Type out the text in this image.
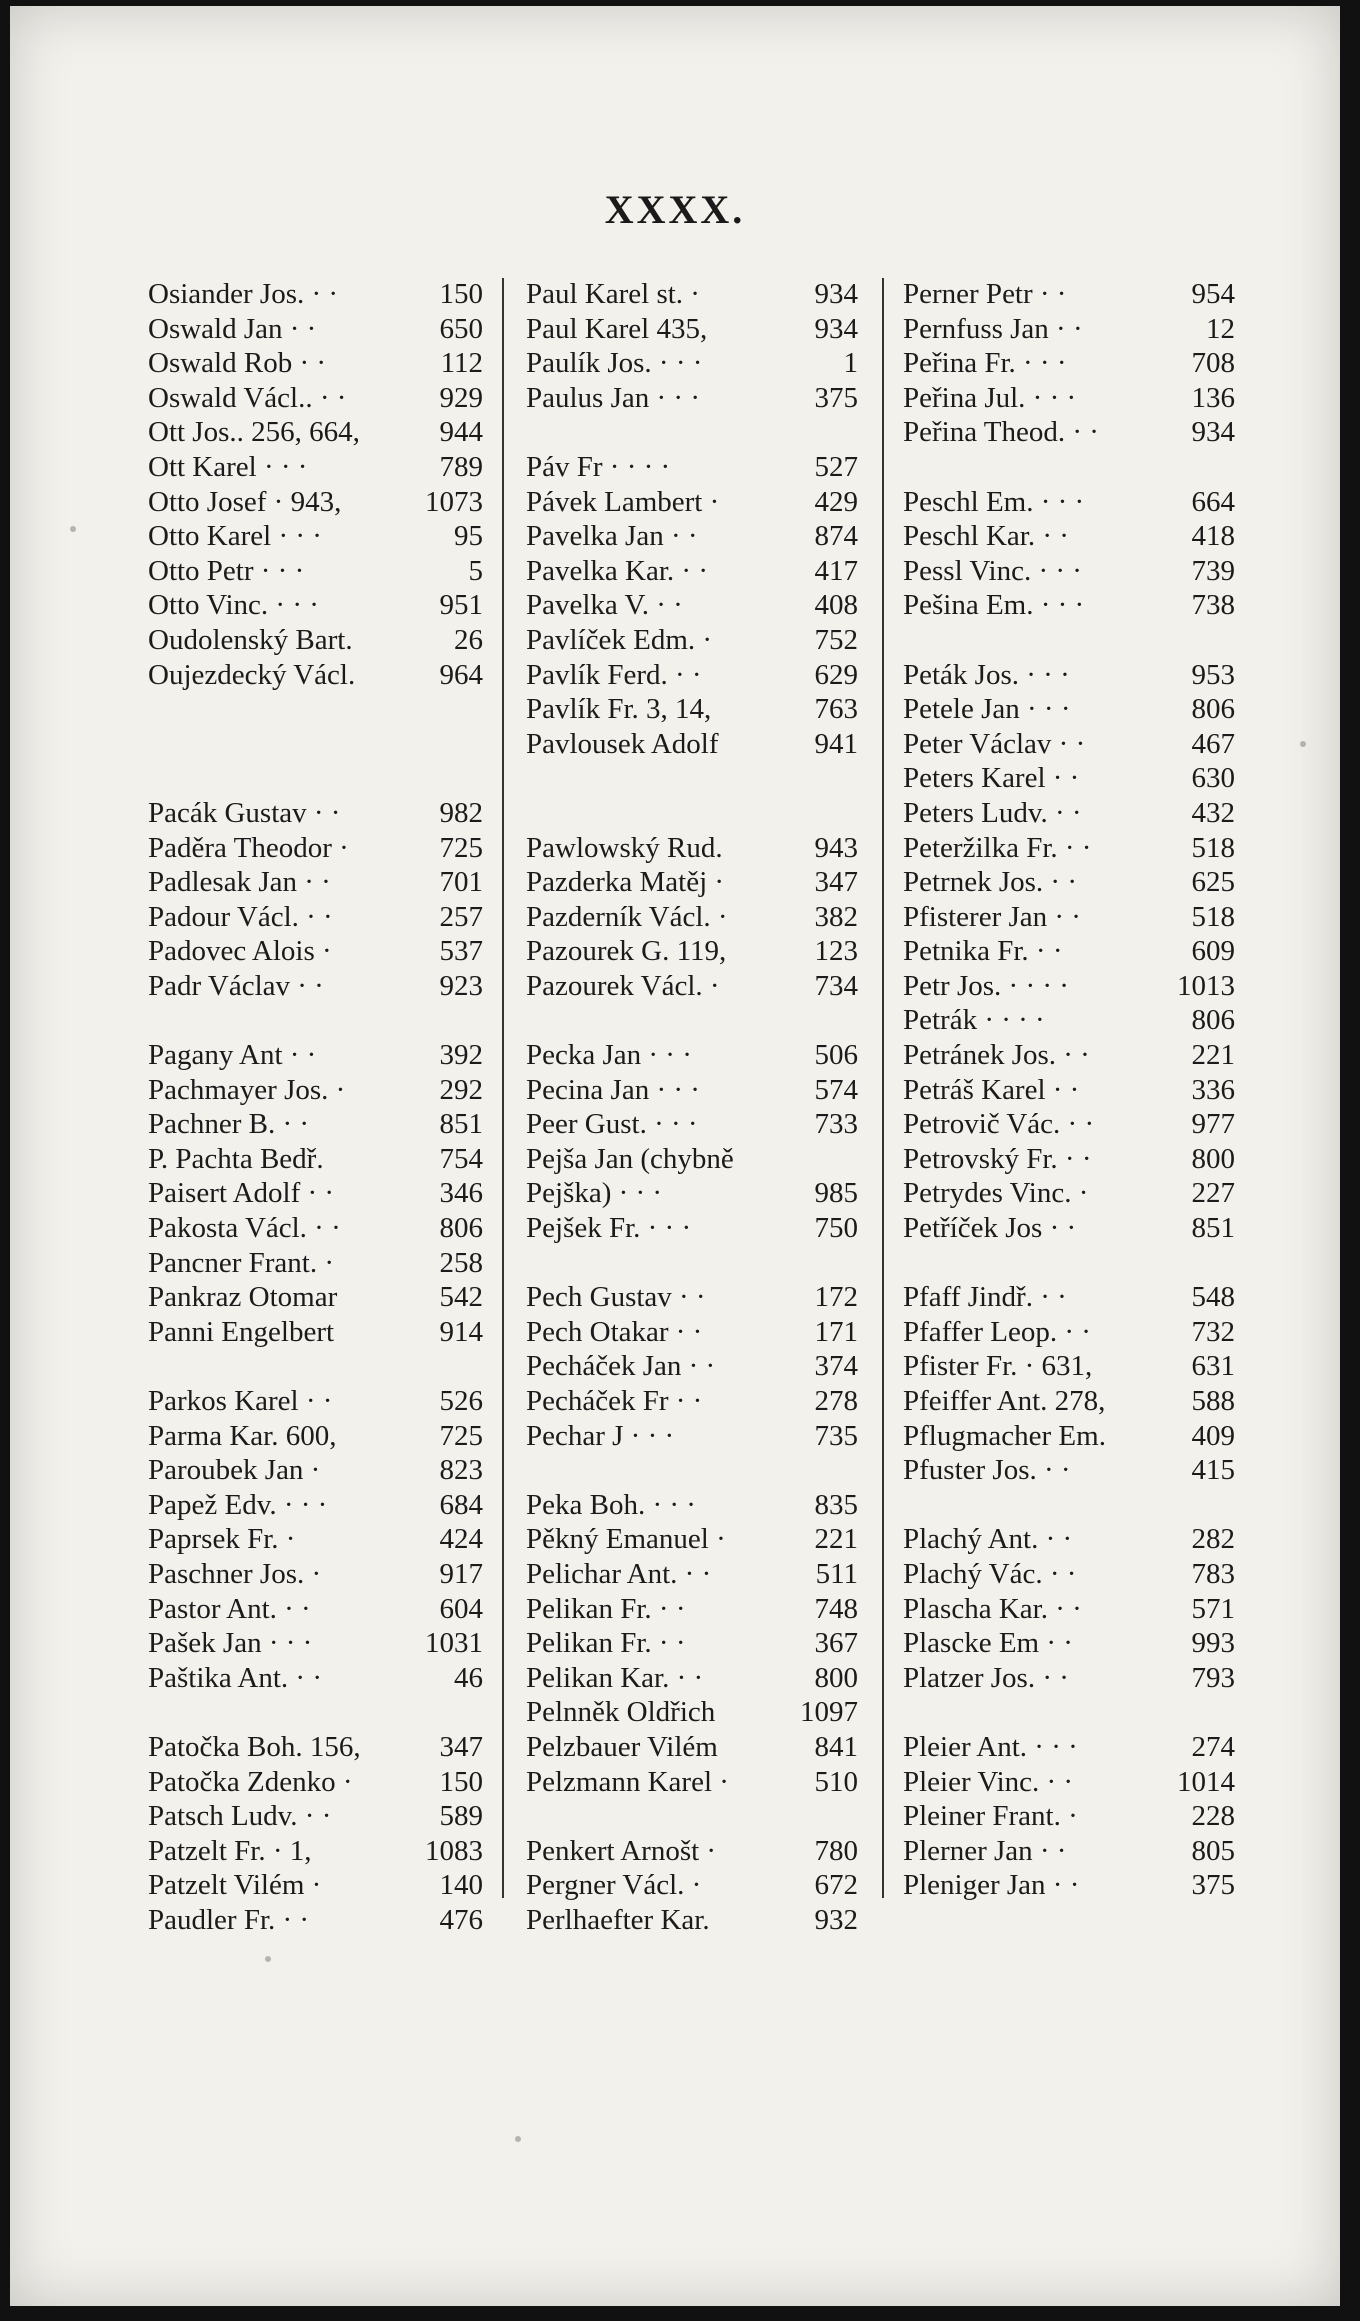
XXXX.
Osiander Jos. · ·	150
Oswald Jan · ·	650
Oswald Rob · ·	112
Oswald Václ.. · ·	929
Ott Jos.. 256, 664,	944
Ott Karel · · ·	789
Otto Josef · 943,	1073
Otto Karel · · ·	95
Otto Petr · · ·	5
Otto Vinc. · · ·	951
Oudolenský Bart.	26
Oujezdecký Václ.	964
Pacák Gustav · ·	982
Paděra Theodor ·	725
Padlesak Jan · ·	701
Padour Václ. · ·	257
Padovec Alois ·	537
Padr Václav · ·	923
Pagany Ant · ·	392
Pachmayer Jos. ·	292
Pachner B. · ·	851
P. Pachta Bedř.	754
Paisert Adolf · ·	346
Pakosta Václ. · ·	806
Pancner Frant. ·	258
Pankraz Otomar	542
Panni Engelbert	914
Parkos Karel · ·	526
Parma Kar. 600,	725
Paroubek Jan ·	823
Papež Edv. · · ·	684
Paprsek Fr. ·	424
Paschner Jos. ·	917
Pastor Ant. · ·	604
Pašek Jan · · ·	1031
Paštika Ant. · ·	46
Patočka Boh. 156,	347
Patočka Zdenko ·	150
Patsch Ludv. · ·	589
Patzelt Fr. · 1,	1083
Patzelt Vilém ·	140
Paudler Fr. · ·	476
Paul Karel st. ·	934
Paul Karel 435,	934
Paulík Jos. · · ·	1
Paulus Jan · · ·	375
Páv Fr · · · ·	527
Pávek Lambert ·	429
Pavelka Jan · ·	874
Pavelka Kar. · ·	417
Pavelka V. · ·	408
Pavlíček Edm. ·	752
Pavlík Ferd. · ·	629
Pavlík Fr. 3, 14,	763
Pavlousek Adolf	941
Pawlowský Rud.	943
Pazderka Matěj ·	347
Pazderník Václ. ·	382
Pazourek G. 119,	123
Pazourek Václ. ·	734
Pecka Jan · · ·	506
Pecina Jan · · ·	574
Peer Gust. · · ·	733
Pejša Jan (chybně
Pejška) · · ·	985
Pejšek Fr. · · ·	750
Pech Gustav · ·	172
Pech Otakar · ·	171
Pecháček Jan · ·	374
Pecháček Fr · ·	278
Pechar J · · ·	735
Peka Boh. · · ·	835
Pěkný Emanuel ·	221
Pelichar Ant. · ·	511
Pelikan Fr. · ·	748
Pelikan Fr. · ·	367
Pelikan Kar. · ·	800
Pelnněk Oldřich	1097
Pelzbauer Vilém	841
Pelzmann Karel ·	510
Penkert Arnošt ·	780
Pergner Václ. ·	672
Perlhaefter Kar.	932
Perner Petr · ·	954
Pernfuss Jan · ·	12
Peřina Fr. · · ·	708
Peřina Jul. · · ·	136
Peřina Theod. · ·	934
Peschl Em. · · ·	664
Peschl Kar. · ·	418
Pessl Vinc. · · ·	739
Pešina Em. · · ·	738
Peták Jos. · · ·	953
Petele Jan · · ·	806
Peter Václav · ·	467
Peters Karel · ·	630
Peters Ludv. · ·	432
Peteržilka Fr. · ·	518
Petrnek Jos. · ·	625
Pfisterer Jan · ·	518
Petnika Fr. · ·	609
Petr Jos. · · · ·	1013
Petrák · · · ·	806
Petránek Jos. · ·	221
Petráš Karel · ·	336
Petrovič Vác. · ·	977
Petrovský Fr. · ·	800
Petrydes Vinc. ·	227
Petříček Jos · ·	851
Pfaff Jindř. · ·	548
Pfaffer Leop. · ·	732
Pfister Fr. · 631,	631
Pfeiffer Ant. 278,	588
Pflugmacher Em.	409
Pfuster Jos. · ·	415
Plachý Ant. · ·	282
Plachý Vác. · ·	783
Plascha Kar. · ·	571
Plascke Em · ·	993
Platzer Jos. · ·	793
Pleier Ant. · · ·	274
Pleier Vinc. · ·	1014
Pleiner Frant. ·	228
Plerner Jan · ·	805
Pleniger Jan · ·	375
